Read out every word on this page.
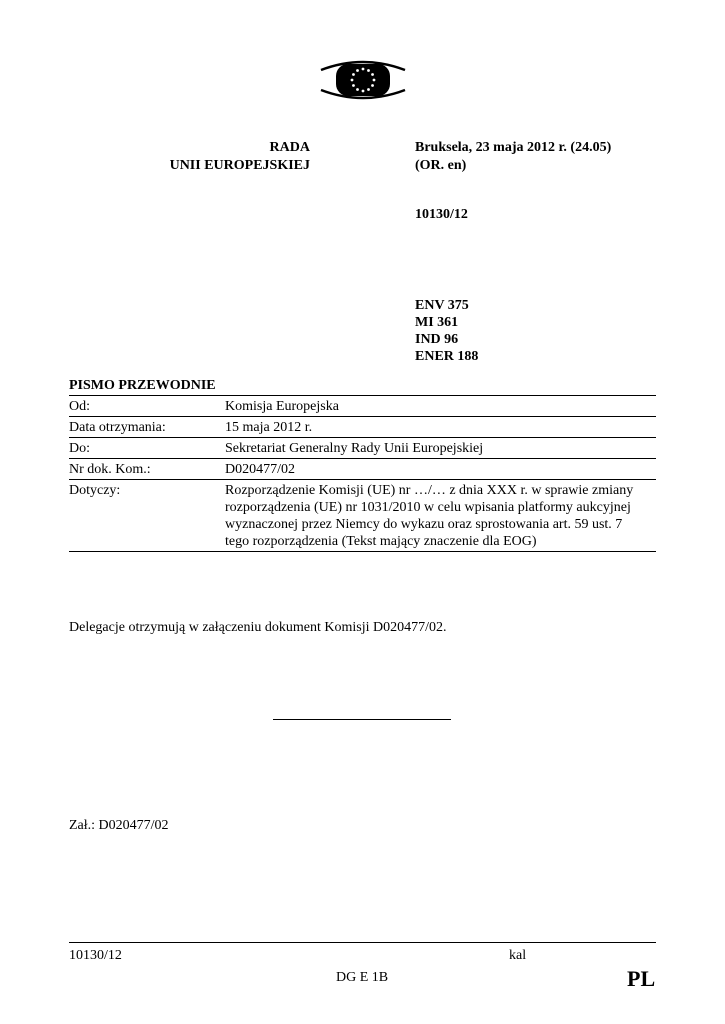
RADA
UNII EUROPEJSKIEJ
Bruksela, 23 maja 2012 r. (24.05)
(OR. en)
10130/12
ENV 375
MI 361
IND 96
ENER 188
PISMO PRZEWODNIE
Od:	Komisja Europejska
Data otrzymania:	15 maja 2012 r.
Do:	Sekretariat Generalny Rady Unii Europejskiej
Nr dok. Kom.:	D020477/02
Dotyczy:	Rozporządzenie Komisji (UE) nr …/… z dnia XXX r. w sprawie zmiany
rozporządzenia (UE) nr 1031/2010 w celu wpisania platformy aukcyjnej
wyznaczonej przez Niemcy do wykazu oraz sprostowania art. 59 ust. 7
tego rozporządzenia (Tekst mający znaczenie dla EOG)
Delegacje otrzymują w załączeniu dokument Komisji D020477/02.
Zał.: D020477/02
10130/12	kal
DG E 1B	PL
